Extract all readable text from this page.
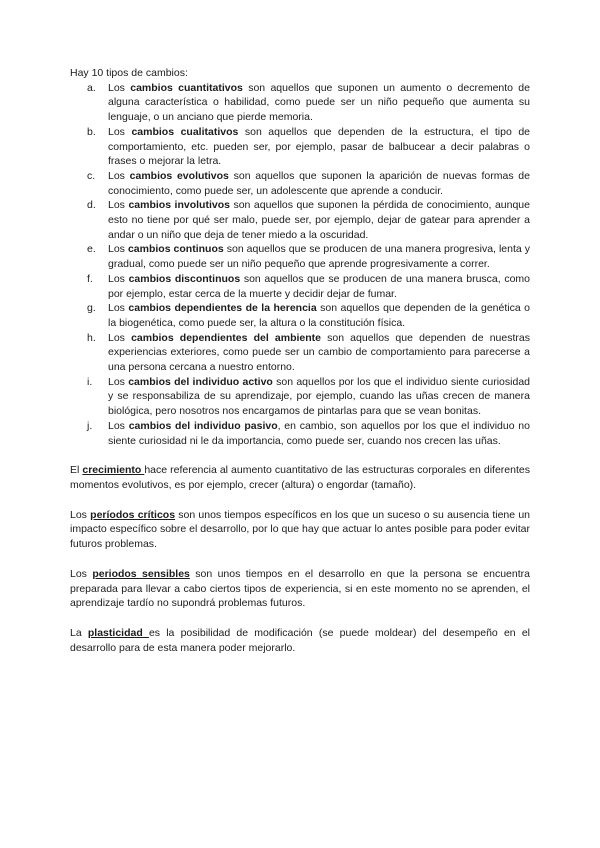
Hay 10 tipos de cambios:

a. Los cambios cuantitativos son aquellos que suponen un aumento o decremento de alguna característica o habilidad, como puede ser un niño pequeño que aumenta su lenguaje, o un anciano que pierde memoria.
b. Los cambios cualitativos son aquellos que dependen de la estructura, el tipo de comportamiento, etc. pueden ser, por ejemplo, pasar de balbucear a decir palabras o frases o mejorar la letra.
c. Los cambios evolutivos son aquellos que suponen la aparición de nuevas formas de conocimiento, como puede ser, un adolescente que aprende a conducir.
d. Los cambios involutivos son aquellos que suponen la pérdida de conocimiento, aunque esto no tiene por qué ser malo, puede ser, por ejemplo, dejar de gatear para aprender a andar o un niño que deja de tener miedo a la oscuridad.
e. Los cambios continuos son aquellos que se producen de una manera progresiva, lenta y gradual, como puede ser un niño pequeño que aprende progresivamente a correr.
f. Los cambios discontinuos son aquellos que se producen de una manera brusca, como por ejemplo, estar cerca de la muerte y decidir dejar de fumar.
g. Los cambios dependientes de la herencia son aquellos que dependen de la genética o la biogenética, como puede ser, la altura o la constitución física.
h. Los cambios dependientes del ambiente son aquellos que dependen de nuestras experiencias exteriores, como puede ser un cambio de comportamiento para parecerse a una persona cercana a nuestro entorno.
i. Los cambios del individuo activo son aquellos por los que el individuo siente curiosidad y se responsabiliza de su aprendizaje, por ejemplo, cuando las uñas crecen de manera biológica, pero nosotros nos encargamos de pintarlas para que se vean bonitas.
j. Los cambios del individuo pasivo, en cambio, son aquellos por los que el individuo no siente curiosidad ni le da importancia, como puede ser, cuando nos crecen las uñas.

El crecimiento hace referencia al aumento cuantitativo de las estructuras corporales en diferentes momentos evolutivos, es por ejemplo, crecer (altura) o engordar (tamaño).

Los períodos críticos son unos tiempos específicos en los que un suceso o su ausencia tiene un impacto específico sobre el desarrollo, por lo que hay que actuar lo antes posible para poder evitar futuros problemas.

Los periodos sensibles son unos tiempos en el desarrollo en que la persona se encuentra preparada para llevar a cabo ciertos tipos de experiencia, si en este momento no se aprenden, el aprendizaje tardío no supondrá problemas futuros.

La plasticidad es la posibilidad de modificación (se puede moldear) del desempeño en el desarrollo para de esta manera poder mejorarlo.
